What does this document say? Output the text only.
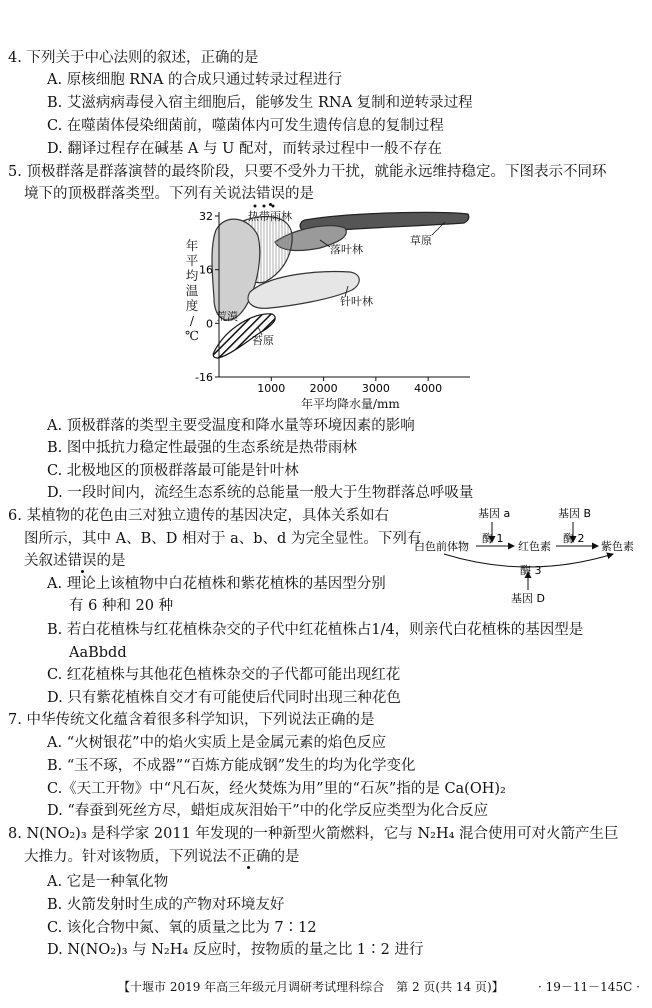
4. 下列关于中心法则的叙述，正确的是
A. 原核细胞 RNA 的合成只通过转录过程进行
B. 艾滋病病毒侵入宿主细胞后，能够发生 RNA 复制和逆转录过程
C. 在噬菌体侵染细菌前，噬菌体内可发生遗传信息的复制过程
D. 翻译过程存在碱基 A 与 U 配对，而转录过程中一般不存在
5. 顶极群落是群落演替的最终阶段，只要不受外力干扰，就能永远维持稳定。下图表示不同环
境下的顶极群落类型。下列有关说法错误的是
草原
落叶林
热带雨林
针叶林
荒漠
苔原
1000 2000 3000 4000
32
16
0
-16
年
平
均
温
度
/
℃
年平均降水量/mm
A. 顶极群落的类型主要受温度和降水量等环境因素的影响
B. 图中抵抗力稳定性最强的生态系统是热带雨林
C. 北极地区的顶极群落最可能是针叶林
D. 一段时间内，流经生态系统的总能量一般大于生物群落总呼吸量
6. 某植物的花色由三对独立遗传的基因决定，具体关系如右
图所示，其中 A、B、D 相对于 a、b、d 为完全显性。下列有
关叙述错误的是
基因 a	基因 B
酶 1	酶 2
白色前体物	红色素	紫色素
酶 3
基因 D
A. 理论上该植物中白花植株和紫花植株的基因型分别
有 6 种和 20 种
B. 若白花植株与红花植株杂交的子代中红花植株占1/4，则亲代白花植株的基因型是
AaBbdd
C. 红花植株与其他花色植株杂交的子代都可能出现红花
D. 只有紫花植株自交才有可能使后代同时出现三种花色
7. 中华传统文化蕴含着很多科学知识，下列说法正确的是
A. “火树银花”中的焰火实质上是金属元素的焰色反应
B. “玉不琢，不成器”“百炼方能成钢”发生的均为化学变化
C.《天工开物》中“凡石灰，经火焚炼为用”里的“石灰”指的是 Ca(OH)₂
D. “春蚕到死丝方尽，蜡炬成灰泪始干”中的化学反应类型为化合反应
8. N(NO₂)₃ 是科学家 2011 年发现的一种新型火箭燃料，它与 N₂H₄ 混合使用可对火箭产生巨
大推力。针对该物质，下列说法不正确的是
A. 它是一种氧化物
B. 火箭发射时生成的产物对环境友好
C. 该化合物中氮、氧的质量之比为 7∶12
D. N(NO₂)₃ 与 N₂H₄ 反应时，按物质的量之比 1∶2 进行
【十堰市 2019 年高三年级元月调研考试理科综合　第 2 页(共 14 页)】	· 19－11－145C ·
